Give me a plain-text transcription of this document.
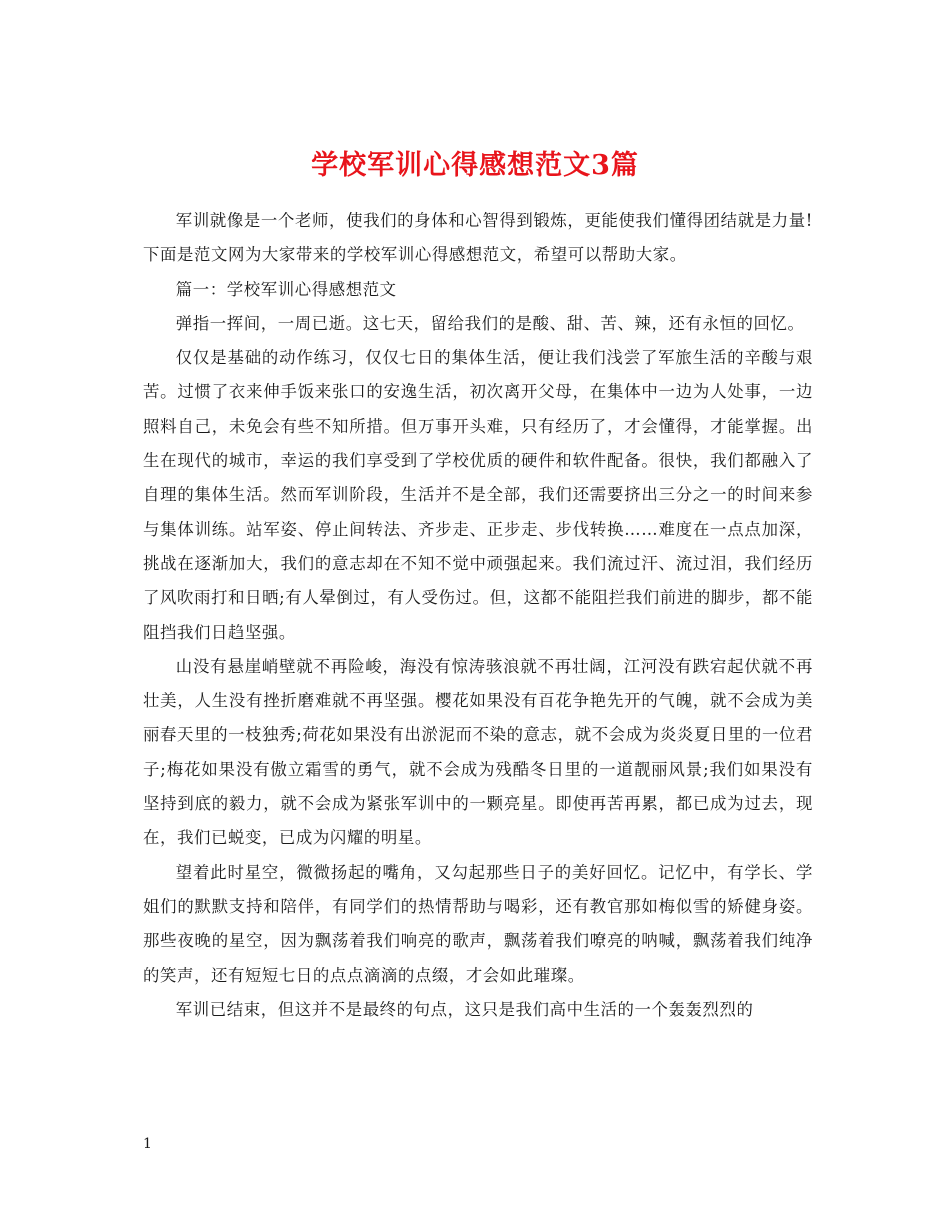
学校军训心得感想范文3篇

军训就像是一个老师，使我们的身体和心智得到锻炼，更能使我们懂得团结就是力量!下面是范文网为大家带来的学校军训心得感想范文，希望可以帮助大家。

篇一：学校军训心得感想范文

弹指一挥间，一周已逝。这七天，留给我们的是酸、甜、苦、辣，还有永恒的回忆。

仅仅是基础的动作练习，仅仅七日的集体生活，便让我们浅尝了军旅生活的辛酸与艰苦。过惯了衣来伸手饭来张口的安逸生活，初次离开父母，在集体中一边为人处事，一边照料自己，未免会有些不知所措。但万事开头难，只有经历了，才会懂得，才能掌握。出生在现代的城市，幸运的我们享受到了学校优质的硬件和软件配备。很快，我们都融入了自理的集体生活。然而军训阶段，生活并不是全部，我们还需要挤出三分之一的时间来参与集体训练。站军姿、停止间转法、齐步走、正步走、步伐转换……难度在一点点加深，挑战在逐渐加大，我们的意志却在不知不觉中顽强起来。我们流过汗、流过泪，我们经历了风吹雨打和日晒;有人晕倒过，有人受伤过。但，这都不能阻拦我们前进的脚步，都不能阻挡我们日趋坚强。

山没有悬崖峭壁就不再险峻，海没有惊涛骇浪就不再壮阔，江河没有跌宕起伏就不再壮美，人生没有挫折磨难就不再坚强。樱花如果没有百花争艳先开的气魄，就不会成为美丽春天里的一枝独秀;荷花如果没有出淤泥而不染的意志，就不会成为炎炎夏日里的一位君子;梅花如果没有傲立霜雪的勇气，就不会成为残酷冬日里的一道靓丽风景;我们如果没有坚持到底的毅力，就不会成为紧张军训中的一颗亮星。即使再苦再累，都已成为过去，现在，我们已蜕变，已成为闪耀的明星。

望着此时星空，微微扬起的嘴角，又勾起那些日子的美好回忆。记忆中，有学长、学姐们的默默支持和陪伴，有同学们的热情帮助与喝彩，还有教官那如梅似雪的矫健身姿。那些夜晚的星空，因为飘荡着我们响亮的歌声，飘荡着我们嘹亮的呐喊，飘荡着我们纯净的笑声，还有短短七日的点点滴滴的点缀，才会如此璀璨。

军训已结束，但这并不是最终的句点，这只是我们高中生活的一个轰轰烈烈的

1
